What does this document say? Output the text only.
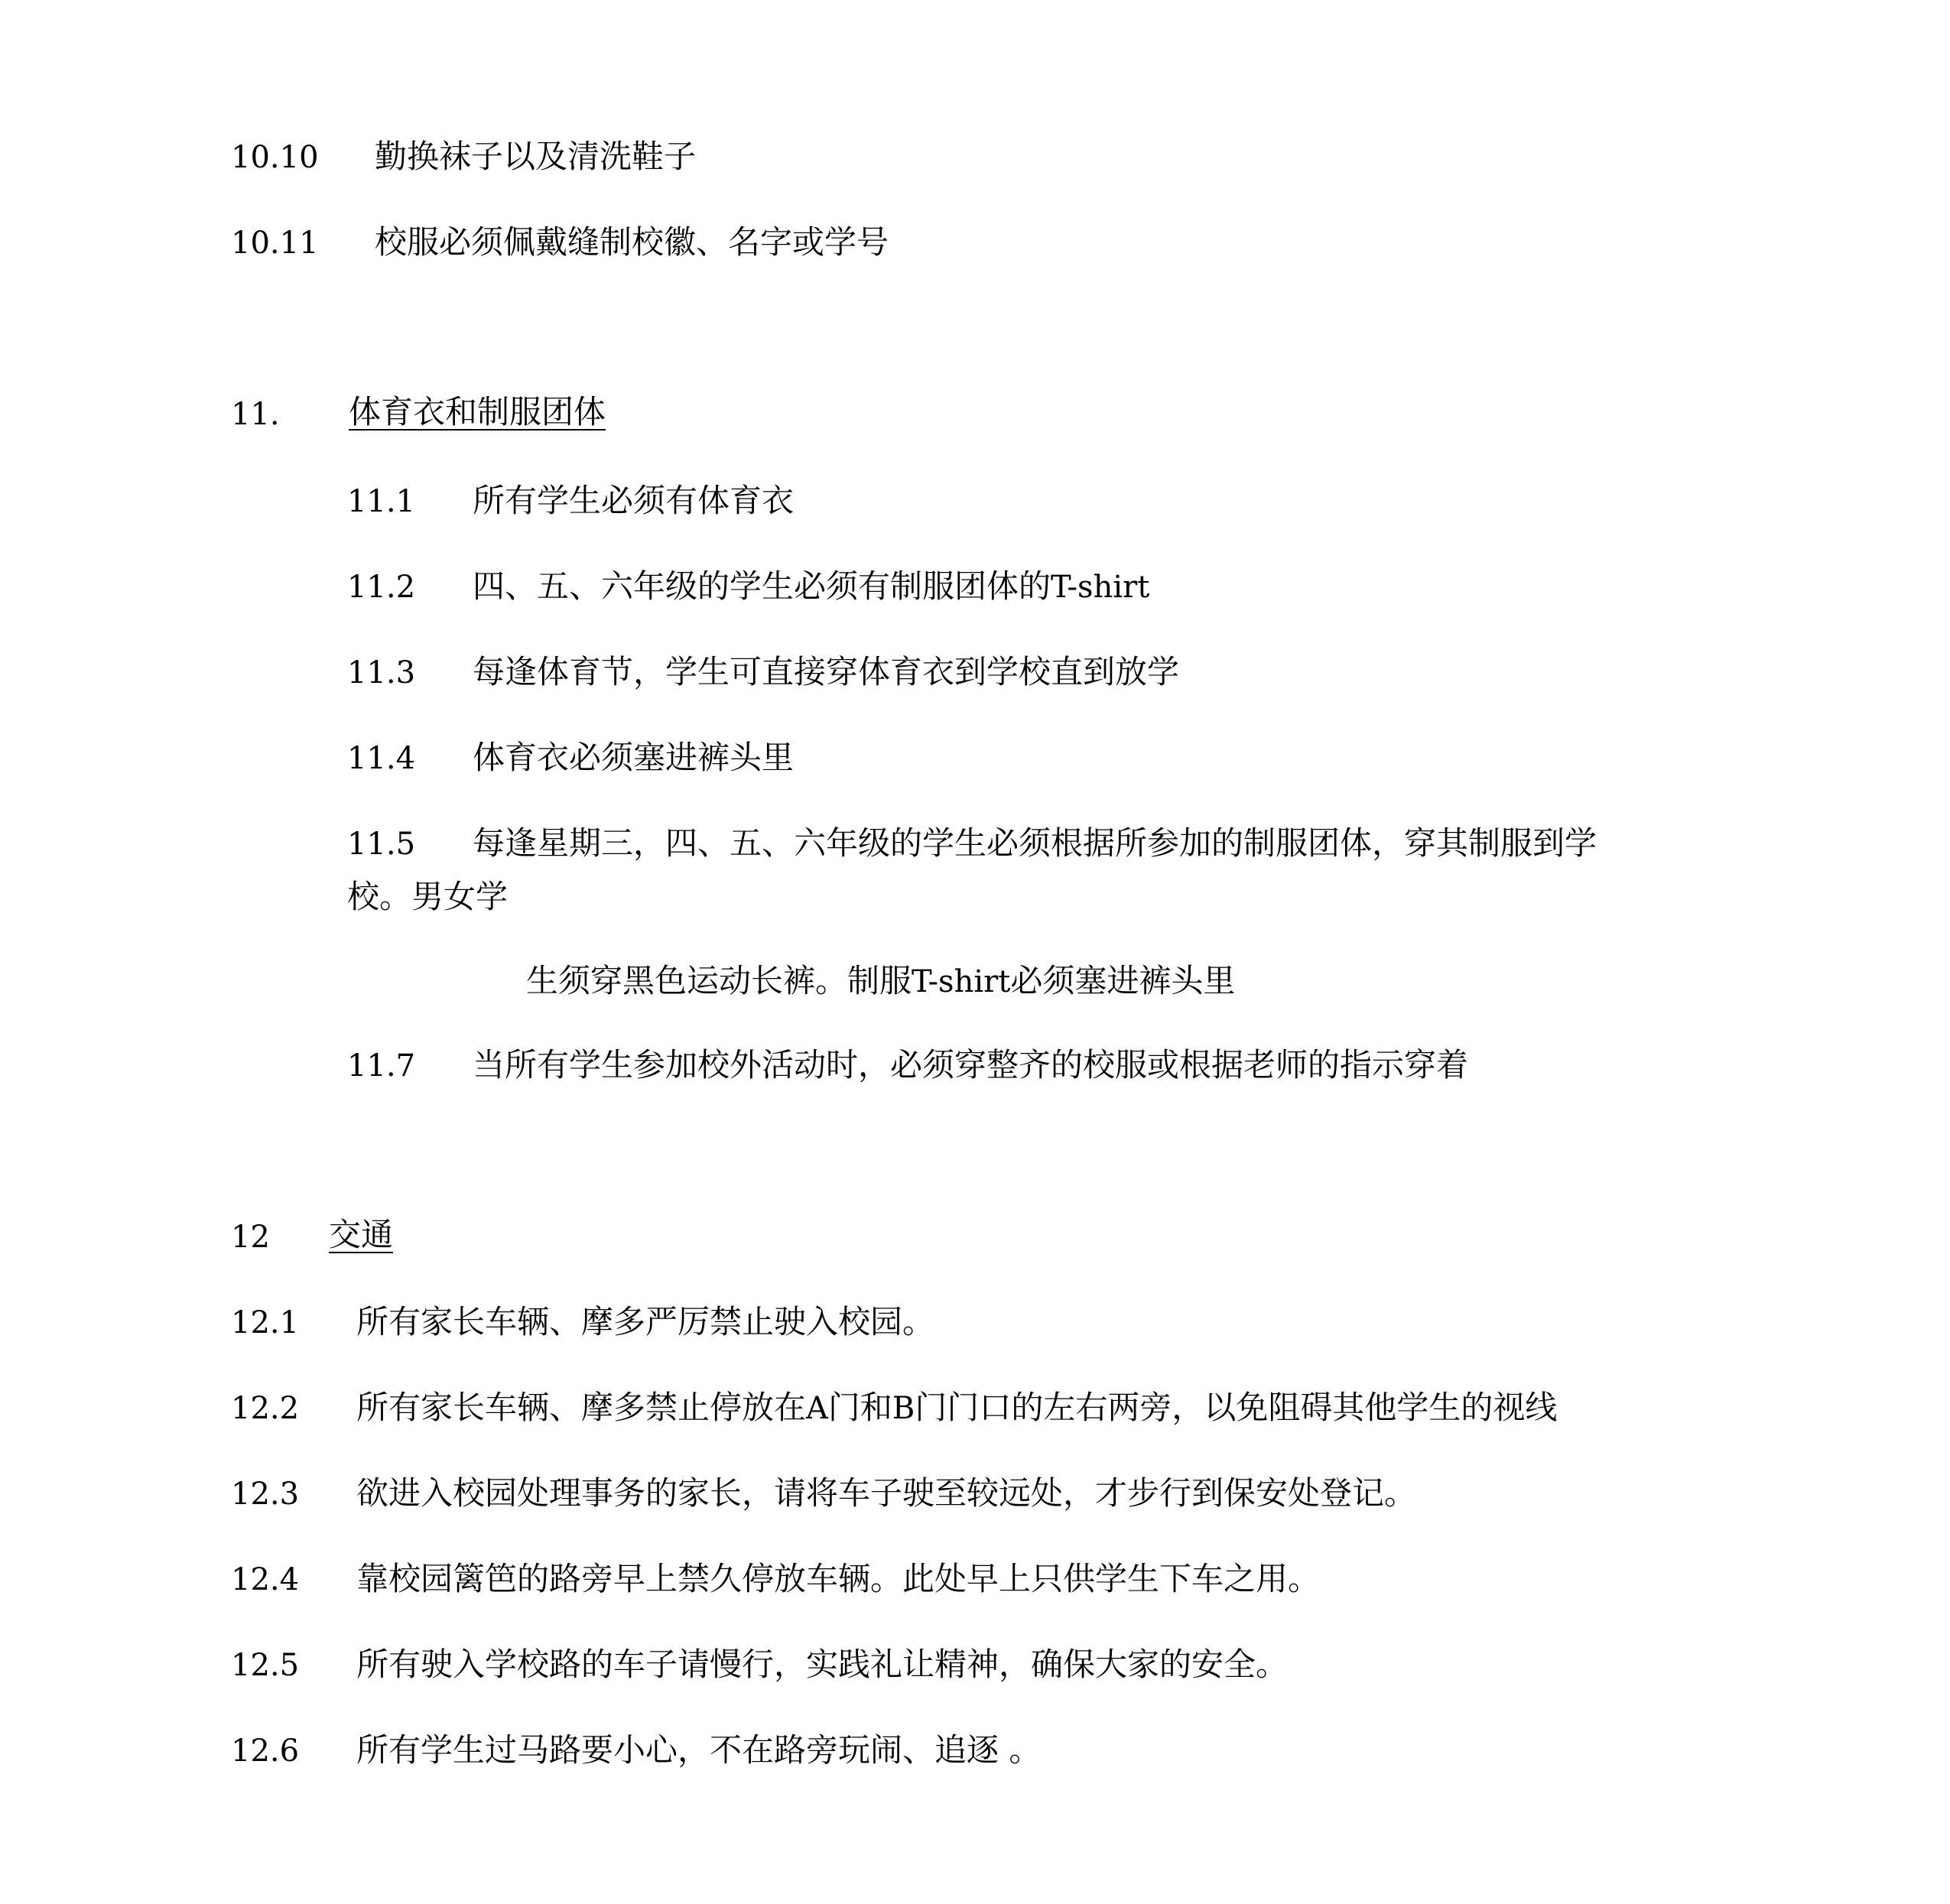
10.10 勤换袜子以及清洗鞋子
10.11 校服必须佩戴缝制校徽、名字或学号
11. 体育衣和制服团体
11.1 所有学生必须有体育衣
11.2 四、五、六年级的学生必须有制服团体的T-shirt
11.3 每逢体育节，学生可直接穿体育衣到学校直到放学
11.4 体育衣必须塞进裤头里
11.5 每逢星期三，四、五、六年级的学生必须根据所参加的制服团体，穿其制服到学
校。男女学
生须穿黑色运动长裤。制服T-shirt必须塞进裤头里
11.7 当所有学生参加校外活动时，必须穿整齐的校服或根据老师的指示穿着
12 交通
12.1 所有家长车辆、摩多严厉禁止驶入校园。
12.2 所有家长车辆、摩多禁止停放在A门和B门门口的左右两旁，以免阻碍其他学生的视线
12.3 欲进入校园处理事务的家长，请将车子驶至较远处，才步行到保安处登记。
12.4 靠校园篱笆的路旁早上禁久停放车辆。此处早上只供学生下车之用。
12.5 所有驶入学校路的车子请慢行，实践礼让精神，确保大家的安全。
12.6 所有学生过马路要小心，不在路旁玩闹、追逐 。
